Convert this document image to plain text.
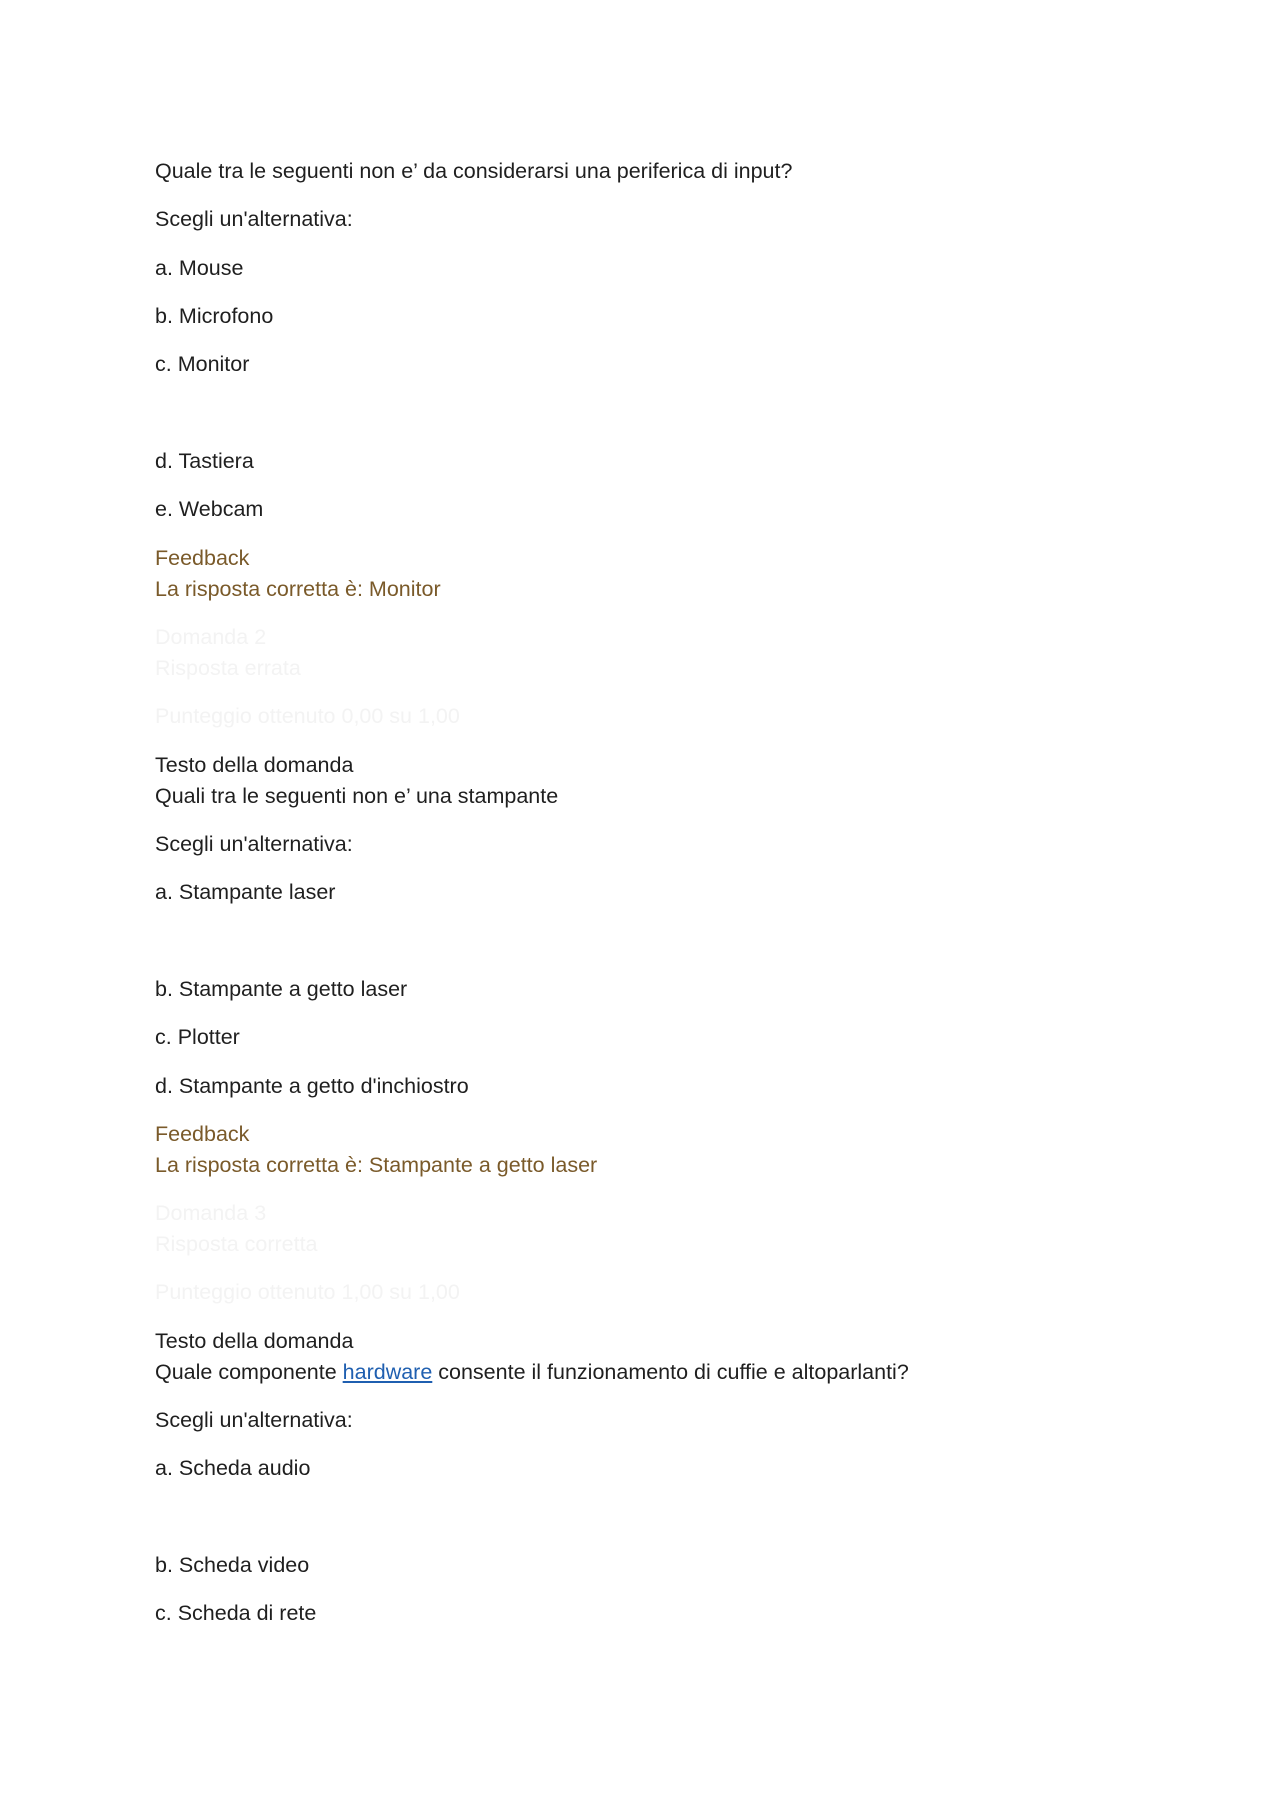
Quale tra le seguenti non e’ da considerarsi una periferica di input?
Scegli un'alternativa:
a. Mouse
b. Microfono
c. Monitor
d. Tastiera
e. Webcam
Feedback
La risposta corretta è: Monitor
Domanda 2
Risposta errata
Punteggio ottenuto 0,00 su 1,00
Testo della domanda
Quali tra le seguenti non e’ una stampante
Scegli un'alternativa:
a. Stampante laser
b. Stampante a getto laser
c. Plotter
d. Stampante a getto d'inchiostro
Feedback
La risposta corretta è: Stampante a getto laser
Domanda 3
Risposta corretta
Punteggio ottenuto 1,00 su 1,00
Testo della domanda
Quale componente hardware consente il funzionamento di cuffie e altoparlanti?
Scegli un'alternativa:
a. Scheda audio
b. Scheda video
c. Scheda di rete
